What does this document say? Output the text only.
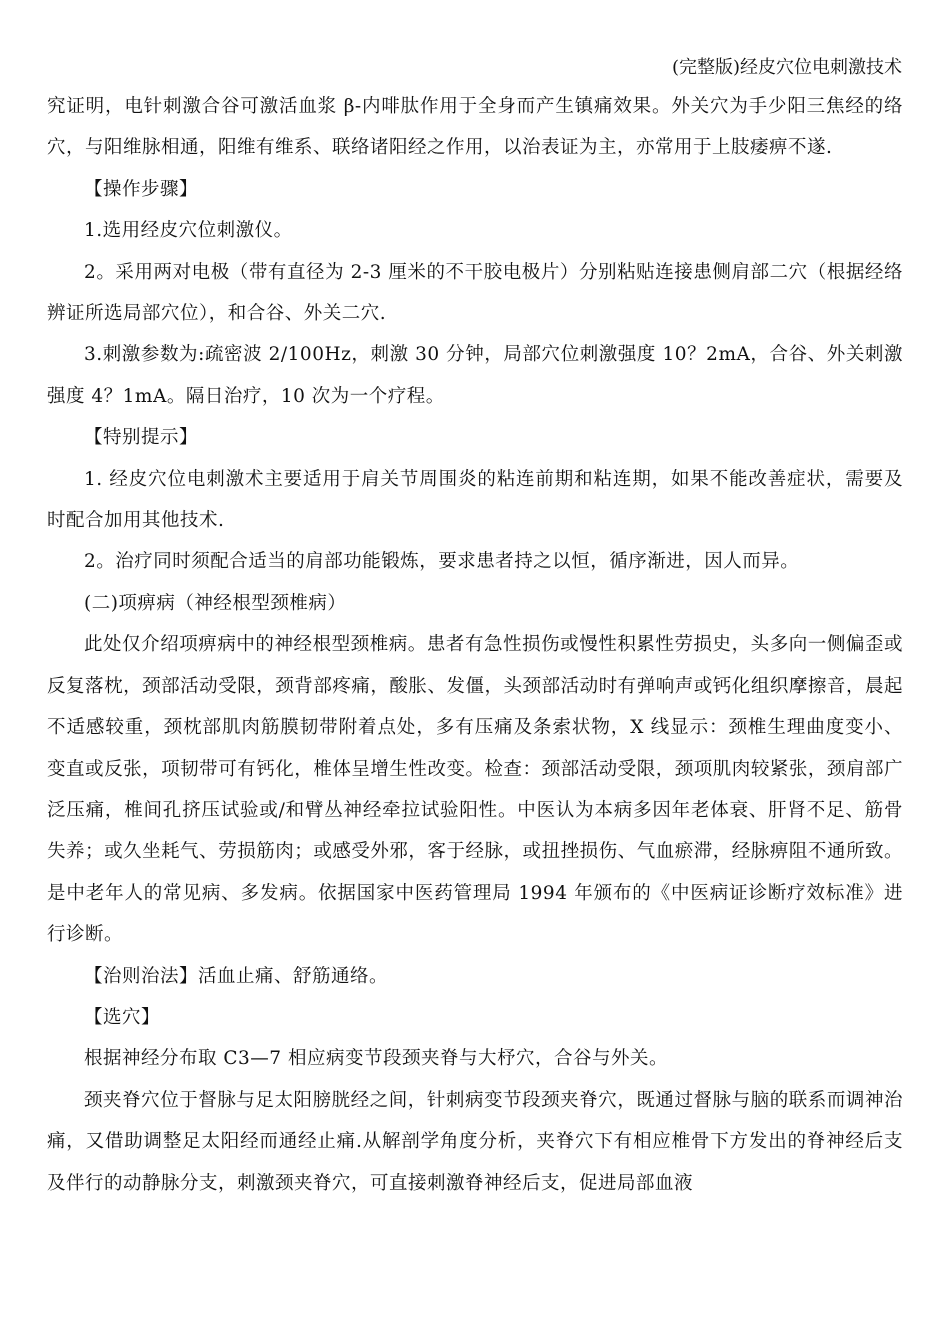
(完整版)经皮穴位电刺激技术

究证明，电针刺激合谷可激活血浆 β-内啡肽作用于全身而产生镇痛效果。外关穴为手少阳三焦经的络穴，与阳维脉相通，阳维有维系、联络诸阳经之作用，以治表证为主，亦常用于上肢痿痹不遂.

【操作步骤】

1.选用经皮穴位刺激仪。

2。采用两对电极（带有直径为 2-3 厘米的不干胶电极片）分别粘贴连接患侧肩部二穴（根据经络辨证所选局部穴位），和合谷、外关二穴.

3.刺激参数为:疏密波 2/100Hz，刺激 30 分钟，局部穴位刺激强度 10？2mA，合谷、外关刺激强度 4？1mA。隔日治疗，10 次为一个疗程。

【特别提示】

1. 经皮穴位电刺激术主要适用于肩关节周围炎的粘连前期和粘连期，如果不能改善症状，需要及时配合加用其他技术.

2。治疗同时须配合适当的肩部功能锻炼，要求患者持之以恒，循序渐进，因人而异。

(二)项痹病（神经根型颈椎病）

此处仅介绍项痹病中的神经根型颈椎病。患者有急性损伤或慢性积累性劳损史，头多向一侧偏歪或反复落枕，颈部活动受限，颈背部疼痛，酸胀、发僵，头颈部活动时有弹响声或钙化组织摩擦音，晨起不适感较重，颈枕部肌肉筋膜韧带附着点处，多有压痛及条索状物，X 线显示：颈椎生理曲度变小、变直或反张，项韧带可有钙化，椎体呈增生性改变。检查：颈部活动受限，颈项肌肉较紧张，颈肩部广泛压痛，椎间孔挤压试验或/和臂丛神经牵拉试验阳性。中医认为本病多因年老体衰、肝肾不足、筋骨失养；或久坐耗气、劳损筋肉；或感受外邪，客于经脉，或扭挫损伤、气血瘀滞，经脉痹阻不通所致。是中老年人的常见病、多发病。依据国家中医药管理局 1994 年颁布的《中医病证诊断疗效标准》进行诊断。

【治则治法】活血止痛、舒筋通络。

【选穴】

根据神经分布取 C3—7 相应病变节段颈夹脊与大杼穴，合谷与外关。

颈夹脊穴位于督脉与足太阳膀胱经之间，针刺病变节段颈夹脊穴，既通过督脉与脑的联系而调神治痛，又借助调整足太阳经而通经止痛.从解剖学角度分析，夹脊穴下有相应椎骨下方发出的脊神经后支及伴行的动静脉分支，刺激颈夹脊穴，可直接刺激脊神经后支，促进局部血液
